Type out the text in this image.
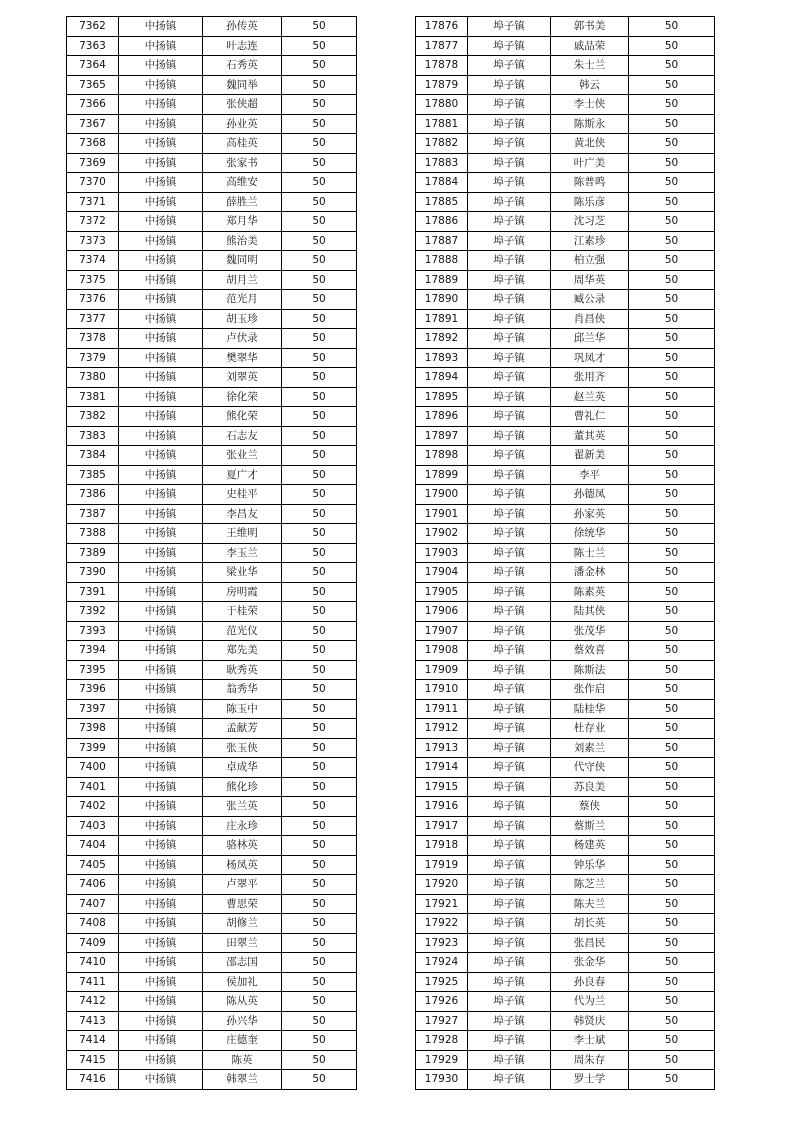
7362	中扬镇	孙传英	50
7363	中扬镇	叶志连	50
7364	中扬镇	石秀英	50
7365	中扬镇	魏同举	50
7366	中扬镇	张侠超	50
7367	中扬镇	孙业英	50
7368	中扬镇	高桂英	50
7369	中扬镇	张家书	50
7370	中扬镇	高维安	50
7371	中扬镇	薛胜兰	50
7372	中扬镇	郑月华	50
7373	中扬镇	熊治美	50
7374	中扬镇	魏同明	50
7375	中扬镇	胡月兰	50
7376	中扬镇	范光月	50
7377	中扬镇	胡玉珍	50
7378	中扬镇	卢伏录	50
7379	中扬镇	樊翠华	50
7380	中扬镇	刘翠英	50
7381	中扬镇	徐化荣	50
7382	中扬镇	熊化荣	50
7383	中扬镇	石志友	50
7384	中扬镇	张业兰	50
7385	中扬镇	夏广才	50
7386	中扬镇	史桂平	50
7387	中扬镇	李昌友	50
7388	中扬镇	王维明	50
7389	中扬镇	李玉兰	50
7390	中扬镇	梁业华	50
7391	中扬镇	房明霞	50
7392	中扬镇	于桂荣	50
7393	中扬镇	范光仪	50
7394	中扬镇	郑先美	50
7395	中扬镇	耿秀英	50
7396	中扬镇	翁秀华	50
7397	中扬镇	陈玉中	50
7398	中扬镇	孟献芳	50
7399	中扬镇	张玉侠	50
7400	中扬镇	卓成华	50
7401	中扬镇	熊化珍	50
7402	中扬镇	张兰英	50
7403	中扬镇	庄永珍	50
7404	中扬镇	骆林英	50
7405	中扬镇	杨凤英	50
7406	中扬镇	卢翠平	50
7407	中扬镇	曹思荣	50
7408	中扬镇	胡修兰	50
7409	中扬镇	田翠兰	50
7410	中扬镇	邵志国	50
7411	中扬镇	侯加礼	50
7412	中扬镇	陈从英	50
7413	中扬镇	孙兴华	50
7414	中扬镇	庄德奎	50
7415	中扬镇	陈英	50
7416	中扬镇	韩翠兰	50
17876	埠子镇	郭书美	50
17877	埠子镇	戚品荣	50
17878	埠子镇	朱士兰	50
17879	埠子镇	韩云	50
17880	埠子镇	李士侠	50
17881	埠子镇	陈斯永	50
17882	埠子镇	黄北侠	50
17883	埠子镇	叶广美	50
17884	埠子镇	陈普鸣	50
17885	埠子镇	陈乐彦	50
17886	埠子镇	沈习芝	50
17887	埠子镇	江素珍	50
17888	埠子镇	柏立强	50
17889	埠子镇	周华英	50
17890	埠子镇	臧公录	50
17891	埠子镇	肖昌侠	50
17892	埠子镇	邱兰华	50
17893	埠子镇	巩凤才	50
17894	埠子镇	张用齐	50
17895	埠子镇	赵兰英	50
17896	埠子镇	曹礼仁	50
17897	埠子镇	董其英	50
17898	埠子镇	翟新美	50
17899	埠子镇	李平	50
17900	埠子镇	孙德凤	50
17901	埠子镇	孙家英	50
17902	埠子镇	徐统华	50
17903	埠子镇	陈士兰	50
17904	埠子镇	潘金林	50
17905	埠子镇	陈素英	50
17906	埠子镇	陆其侠	50
17907	埠子镇	张茂华	50
17908	埠子镇	蔡效喜	50
17909	埠子镇	陈斯法	50
17910	埠子镇	张作启	50
17911	埠子镇	陆桂华	50
17912	埠子镇	杜存业	50
17913	埠子镇	刘素兰	50
17914	埠子镇	代守侠	50
17915	埠子镇	苏良美	50
17916	埠子镇	蔡侠	50
17917	埠子镇	蔡斯兰	50
17918	埠子镇	杨建英	50
17919	埠子镇	钟乐华	50
17920	埠子镇	陈芝兰	50
17921	埠子镇	陈夫兰	50
17922	埠子镇	胡长英	50
17923	埠子镇	张昌民	50
17924	埠子镇	张金华	50
17925	埠子镇	孙良春	50
17926	埠子镇	代为兰	50
17927	埠子镇	韩贤庆	50
17928	埠子镇	李士斌	50
17929	埠子镇	周朱存	50
17930	埠子镇	罗士学	50
